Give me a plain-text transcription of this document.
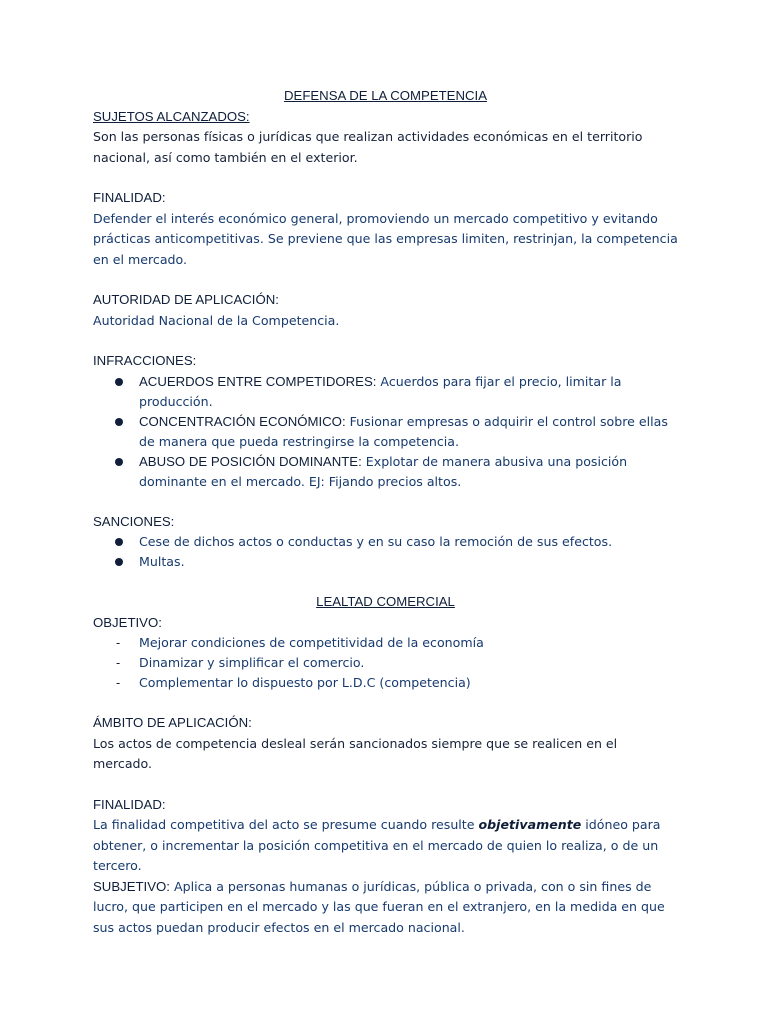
DEFENSA DE LA COMPETENCIA
SUJETOS ALCANZADOS:

Son las personas físicas o jurídicas que realizan actividades económicas en el territorio nacional, así como también en el exterior.

FINALIDAD:

Defender el interés económico general, promoviendo un mercado competitivo y evitando prácticas anticompetitivas. Se previene que las empresas limiten, restrinjan, la competencia en el mercado.

AUTORIDAD DE APLICACIÓN:

Autoridad Nacional de la Competencia.

INFRACCIONES:
ACUERDOS ENTRE COMPETIDORES: Acuerdos para fijar el precio, limitar la producción.
CONCENTRACIÓN ECONÓMICO: Fusionar empresas o adquirir el control sobre ellas de manera que pueda restringirse la competencia.
ABUSO DE POSICIÓN DOMINANTE: Explotar de manera abusiva una posición dominante en el mercado. EJ: Fijando precios altos.
SANCIONES:
Cese de dichos actos o conductas y en su caso la remoción de sus efectos.
Multas.
LEALTAD COMERCIAL
OBJETIVO:
- Mejorar condiciones de competitividad de la economía
- Dinamizar y simplificar el comercio.
- Complementar lo dispuesto por L.D.C (competencia)
ÁMBITO DE APLICACIÓN:

Los actos de competencia desleal serán sancionados siempre que se realicen en el mercado.

FINALIDAD:

La finalidad competitiva del acto se presume cuando resulte objetivamente idóneo para obtener, o incrementar la posición competitiva en el mercado de quien lo realiza, o de un tercero.

SUBJETIVO: Aplica a personas humanas o jurídicas, pública o privada, con o sin fines de lucro, que participen en el mercado y las que fueran en el extranjero, en la medida en que sus actos puedan producir efectos en el mercado nacional.
